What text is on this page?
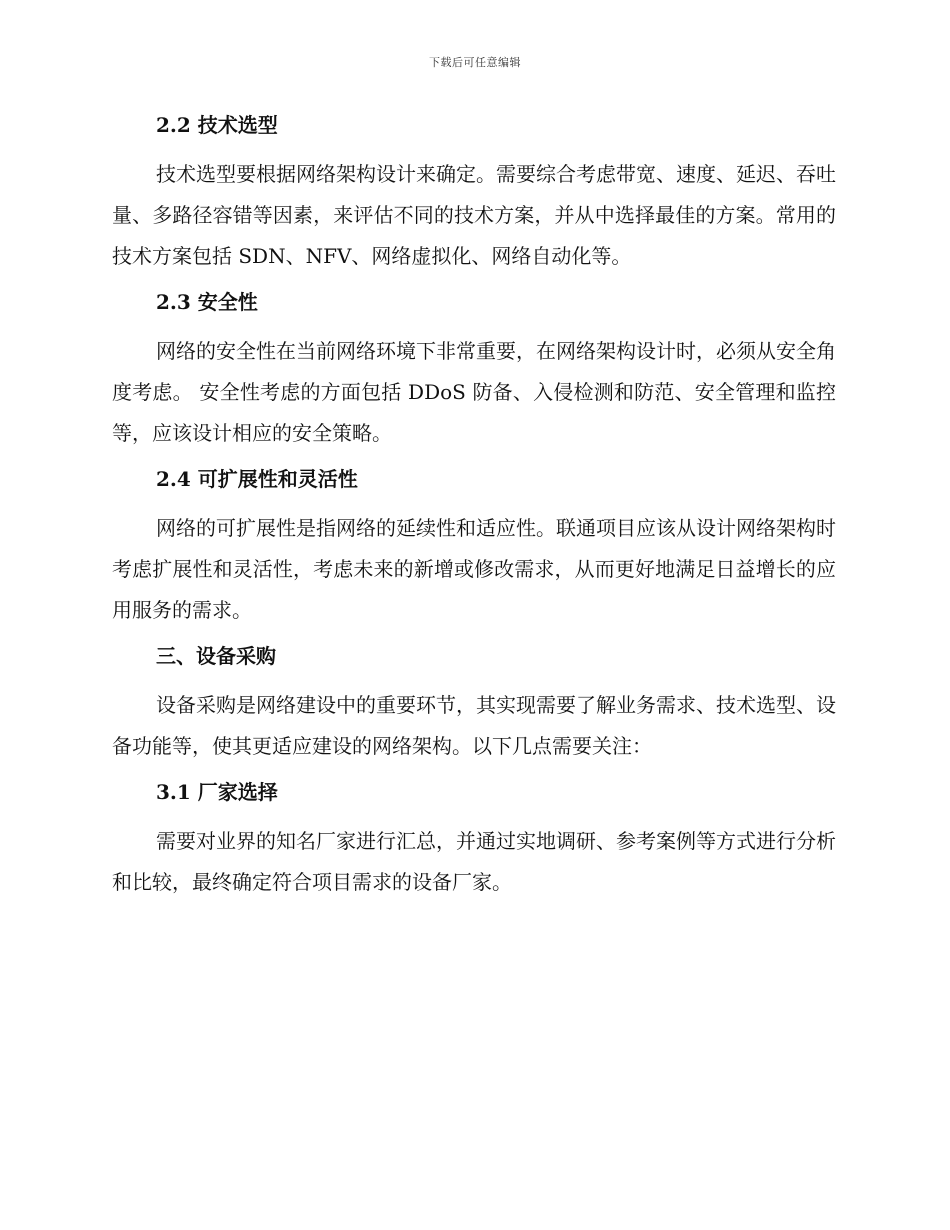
下载后可任意编辑
2.2 技术选型

技术选型要根据网络架构设计来确定。需要综合考虑带宽、速度、延迟、吞吐量、多路径容错等因素，来评估不同的技术方案，并从中选择最佳的方案。常用的技术方案包括 SDN、NFV、网络虚拟化、网络自动化等。

2.3 安全性

网络的安全性在当前网络环境下非常重要，在网络架构设计时，必须从安全角度考虑。 安全性考虑的方面包括 DDoS 防备、入侵检测和防范、安全管理和监控等，应该设计相应的安全策略。

2.4 可扩展性和灵活性

网络的可扩展性是指网络的延续性和适应性。联通项目应该从设计网络架构时考虑扩展性和灵活性，考虑未来的新增或修改需求，从而更好地满足日益增长的应用服务的需求。

三、设备采购

设备采购是网络建设中的重要环节，其实现需要了解业务需求、技术选型、设备功能等，使其更适应建设的网络架构。以下几点需要关注：

3.1 厂家选择

需要对业界的知名厂家进行汇总，并通过实地调研、参考案例等方式进行分析和比较，最终确定符合项目需求的设备厂家。
